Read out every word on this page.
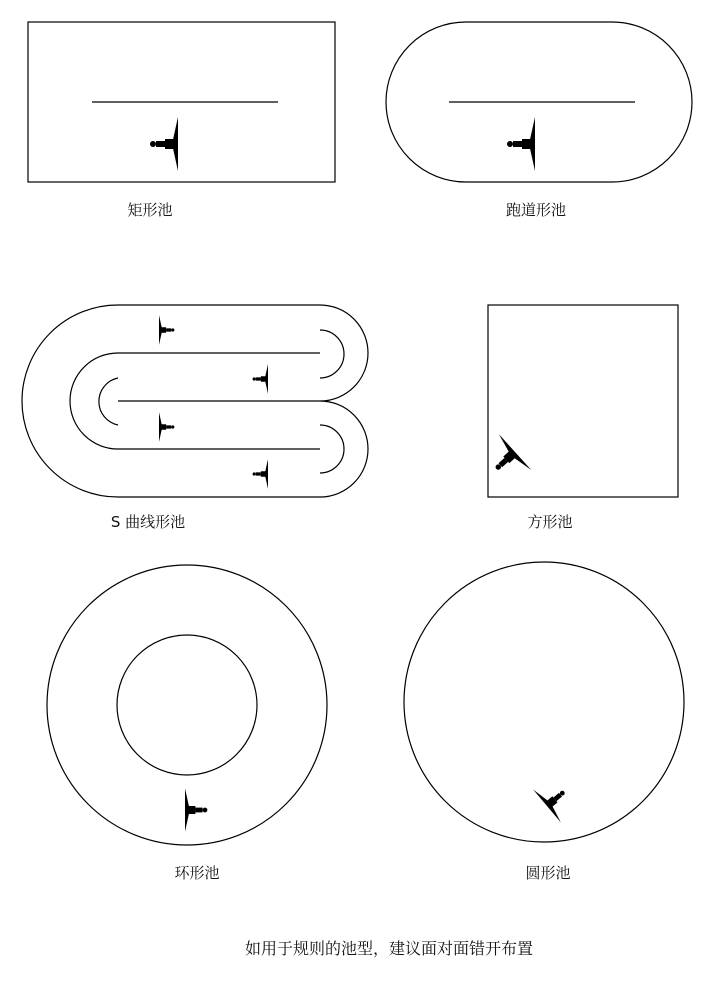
矩形池	跑道形池
S 曲线形池	方形池
环形池	圆形池
如用于规则的池型，建议面对面错开布置
